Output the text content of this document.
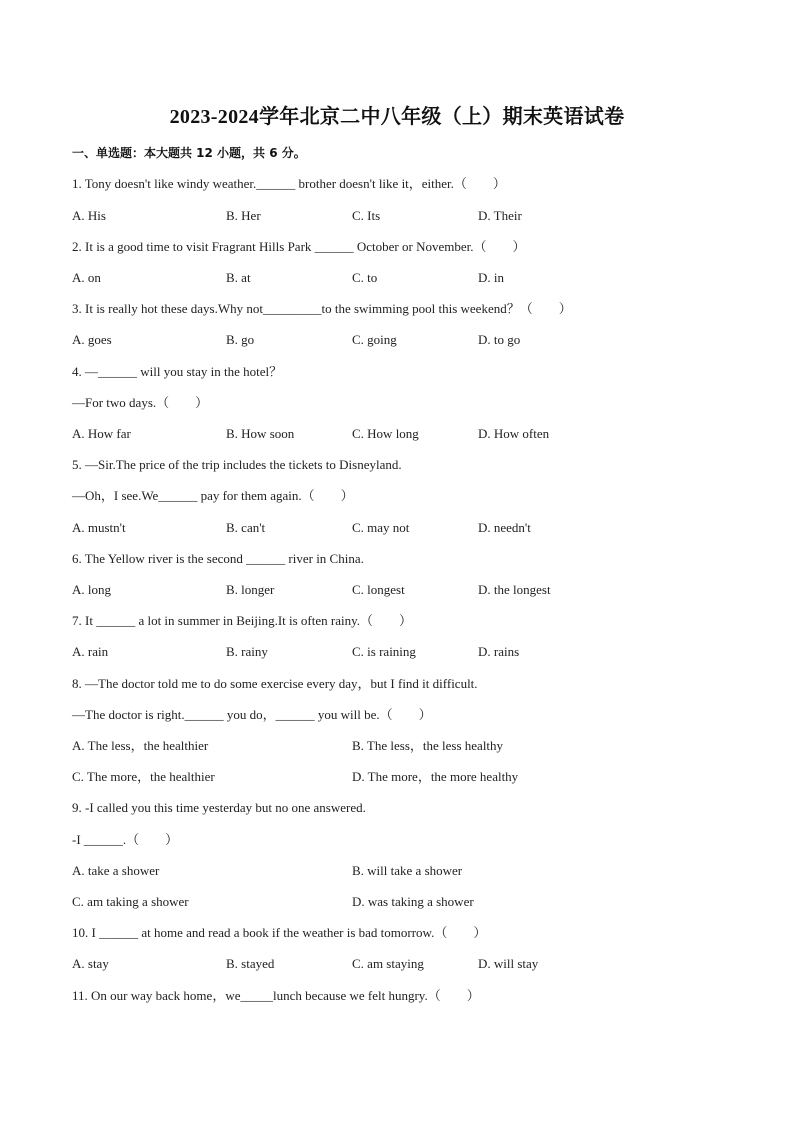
2023-2024学年北京二中八年级（上）期末英语试卷
一、单选题：本大题共 12 小题，共 6 分。
1. Tony doesn't like windy weather.______ brother doesn't like it，either.（　　）
A. His	B. Her	C. Its	D. Their
2. It is a good time to visit Fragrant Hills Park ______ October or November.（　　）
A. on	B. at	C. to	D. in
3. It is really hot these days.Why not_________to the swimming pool this weekend？（　　）
A. goes	B. go	C. going	D. to go
4. —______ will you stay in the hotel？
—For two days.（　　）
A. How far	B. How soon	C. How long	D. How often
5. —Sir.The price of the trip includes the tickets to Disneyland.
—Oh，I see.We______ pay for them again.（　　）
A. mustn't	B. can't	C. may not	D. needn't
6. The Yellow river is the second ______ river in China.
A. long	B. longer	C. longest	D. the longest
7. It ______ a lot in summer in Beijing.It is often rainy.（　　）
A. rain	B. rainy	C. is raining	D. rains
8. —The doctor told me to do some exercise every day，but I find it difficult.
—The doctor is right.______ you do，______ you will be.（　　）
A. The less，the healthier	B. The less，the less healthy
C. The more，the healthier	D. The more，the more healthy
9. -I called you this time yesterday but no one answered.
-I ______.（　　）
A. take a shower	B. will take a shower
C. am taking a shower	D. was taking a shower
10. I ______ at home and read a book if the weather is bad tomorrow.（　　）
A. stay	B. stayed	C. am staying	D. will stay
11. On our way back home，we_____lunch because we felt hungry.（　　）
